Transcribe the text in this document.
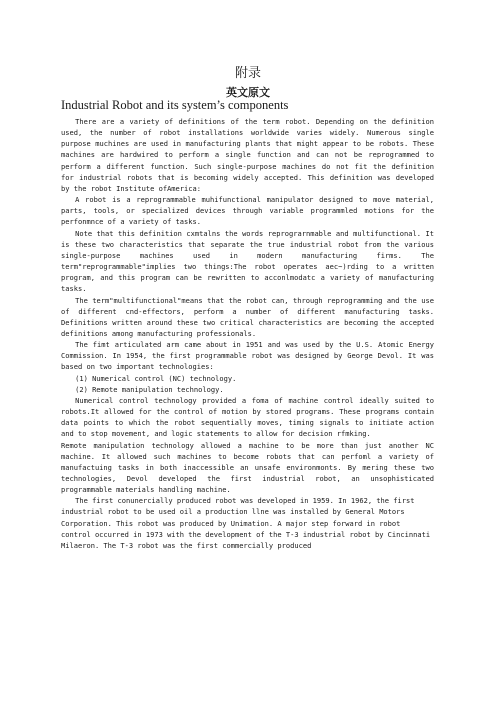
附录
英文原文
Industrial Robot and its system’s components

There are a variety of definitions of the term robot. Depending on the definition used, the number of robot installations worldwide varies widely. Numerous single purpose muchines are used in manufacturing plants that might appear to be robots. These machines are hardwired to perform a single function and can not be reprogrammed to perform a different function. Such single-purpose machines do not fit the definition for industrial robots that is becoming widely accepted. This definition was developed by the robot Institute ofAmerica:

A robot is a reprogrammable muhifunctional manipulator designed to move material, parts, tools, or specialized devices through variable programmled motions for the perfonmnce of a variety of tasks.

Note that this definition cxmtalns the words reprograrnmable and multifunctional. It is these two characteristics that separate the true industrial robot from the various single-purpose machines used in modern manufacturing firms. The term"reprogrammable"implies two things:The robot operates aec~)rding to a written program, and this program can be rewritten to acconlmodatc a variety of manufacturing tasks.

The term"multifunctional"means that the robot can, through reprogramming and the use of different cnd-effectors, perform a number of different manufacturing tasks. Definitions written around these two critical characteristics are becoming the accepted definitions among manufacturing professionals.

The fimt articulated arm came about in 1951 and was used by the U.S. Atomic Energy Commission. In 1954, the first programmable robot was designed by George Devol. It was based on two important technologies:

(1) Numerical control (NC) technology.

(2) Remote manipulation technology.

Numerical control technology provided a foma of machine control ideally suited to robots.It allowed for the control of motion by stored programs. These programs contain data points to which the robot sequentially moves, timing signals to initiate action and to stop movement, and logic statements to allow for decision rfmking.

Remote manipulation technology allowed a machine to be more than just another NC machine. It allowed such machines to become robots that can perfoml a variety of manufactuing tasks in both inaccessible an unsafe environmonts. By mering these two technologies, Devol developed the first industrial robot, an unsophisticated programmable materials handling machine.

The first conunercially produced robot was developed in 1959. In 1962, the first industrial robot to be used oil a production llne was installed by General Motors Corporation. This robot was produced by Unimation. A major step forward in robot control occurred in 1973 with the development of the T-3 industrial robot by Cincinnati Milaeron. The T-3 robot was the first commercially produced
